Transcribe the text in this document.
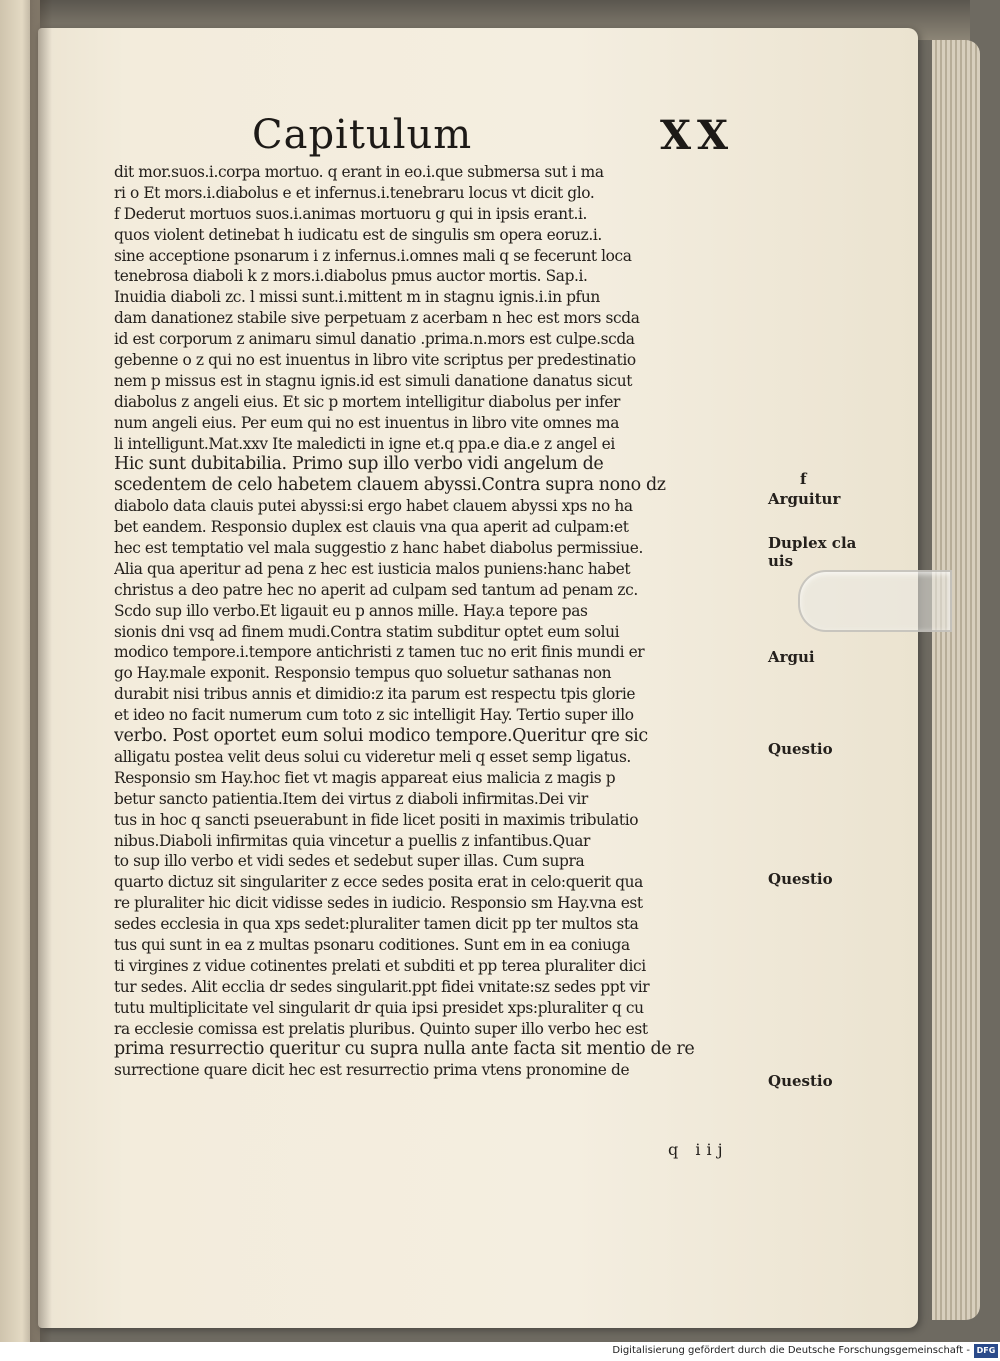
Capitulum	XX
dit mor.suos.i.corpa mortuo. q erant in eo.i.que submersa sut i ma
ri o Et mors.i.diabolus e et infernus.i.tenebraru locus vt dicit glo.
f Dederut mortuos suos.i.animas mortuoru g qui in ipsis erant.i.
quos violent detinebat h iudicatu est de singulis sm opera eoruz.i.
sine acceptione psonarum i z infernus.i.omnes mali q se fecerunt loca
tenebrosa diaboli k z mors.i.diabolus pmus auctor mortis. Sap.i.
Inuidia diaboli zc. l missi sunt.i.mittent m in stagnu ignis.i.in pfun
dam danationez stabile sive perpetuam z acerbam n hec est mors scda
id est corporum z animaru simul danatio .prima.n.mors est culpe.scda
gebenne o z qui no est inuentus in libro vite scriptus per predestinatio
nem p missus est in stagnu ignis.id est simuli danatione danatus sicut
diabolus z angeli eius. Et sic p mortem intelligitur diabolus per infer
num angeli eius. Per eum qui no est inuentus in libro vite omnes ma
li intelligunt.Mat.xxv Ite maledicti in igne et.q ppa.e dia.e z angel ei
Hic sunt dubitabilia. Primo sup illo verbo vidi angelum de
scedentem de celo habetem clauem abyssi.Contra supra nono dz
diabolo data clauis putei abyssi:si ergo habet clauem abyssi xps no ha
bet eandem. Responsio duplex est clauis vna qua aperit ad culpam:et
hec est temptatio vel mala suggestio z hanc habet diabolus permissiue.
Alia qua aperitur ad pena z hec est iusticia malos puniens:hanc habet
christus a deo patre hec no aperit ad culpam sed tantum ad penam zc.
Scdo sup illo verbo.Et ligauit eu p annos mille. Hay.a tepore pas
sionis dni vsq ad finem mudi.Contra statim subditur optet eum solui
modico tempore.i.tempore antichristi z tamen tuc no erit finis mundi er
go Hay.male exponit. Responsio tempus quo soluetur sathanas non
durabit nisi tribus annis et dimidio:z ita parum est respectu tpis glorie
et ideo no facit numerum cum toto z sic intelligit Hay. Tertio super illo
verbo. Post oportet eum solui modico tempore.Queritur qre sic
alligatu postea velit deus solui cu videretur meli q esset semp ligatus.
Responsio sm Hay.hoc fiet vt magis appareat eius malicia z magis p
betur sancto patientia.Item dei virtus z diaboli infirmitas.Dei vir
tus in hoc q sancti pseuerabunt in fide licet positi in maximis tribulatio
nibus.Diaboli infirmitas quia vincetur a puellis z infantibus.Quar
to sup illo verbo et vidi sedes et sedebut super illas. Cum supra
quarto dictuz sit singulariter z ecce sedes posita erat in celo:querit qua
re pluraliter hic dicit vidisse sedes in iudicio. Responsio sm Hay.vna est
sedes ecclesia in qua xps sedet:pluraliter tamen dicit pp ter multos sta
tus qui sunt in ea z multas psonaru coditiones. Sunt em in ea coniuga
ti virgines z vidue cotinentes prelati et subditi et pp terea pluraliter dici
tur sedes. Alit ecclia dr sedes singularit.ppt fidei vnitate:sz sedes ppt vir
tutu multiplicitate vel singularit dr quia ipsi presidet xps:pluraliter q cu
ra ecclesie comissa est prelatis pluribus. Quinto super illo verbo hec est
prima resurrectio queritur cu supra nulla ante facta sit mentio de re
surrectione quare dicit hec est resurrectio prima vtens pronomine de
f
Arguitur
Duplex cla uis
Argui
Questio
Questio
Questio
q iij
Digitalisierung gefördert durch die Deutsche Forschungsgemeinschaft - DFG
